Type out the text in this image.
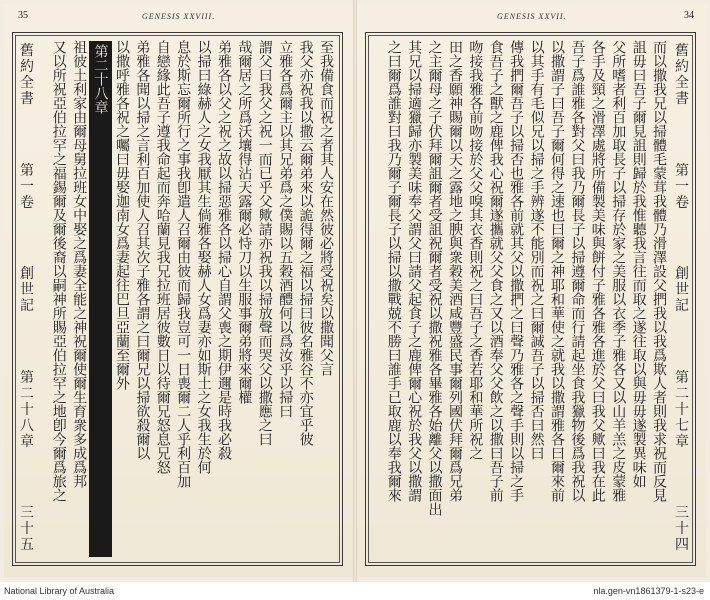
35	GENESIS XXVIII.
舊
約
全
書
第
一
卷
創
世
記
第
二
十
八
章
三
十
五
至我備食而祝之者其人安在然彼必將受祝矣以撒聞父言
我父亦祝我以撒云爾弟來以詭得爾之福以掃曰彼名雅谷不亦宜乎彼
立雅各爲爾主以其兄弟爲之僕賜以五穀酒醴何以爲汝乎以掃曰
謂父曰我父之祝一而已乎父歟請亦祝我以掃放聲而哭父以撒應之曰
哉爾居之所爲沃壤得沾天露爾必恃刀以生服事爾弟將來爾權
弟雅各以父之祝之故以掃惡雅各以掃心自謂父喪之期伊邇是時我必殺
以掃曰綠赫人之女我厭其生倘雅各娶赫人女爲妻亦如斯土之女我生於何
息於斯忘爾所行之事我卽遣人召爾由彼而歸我豈可一日喪爾二人乎利百加
自戀緣此吾子遵我命起而奔哈蘭見我兄拉班居彼數日以待爾兄怒息兄怒
弟雅各聞以掃之言利百加使人召其次子雅各謂之曰爾兄以掃欲殺爾以
以撒呼雅各祝之囑曰毋娶迦南女爲妻起往巴旦亞蘭至爾外
第二十八章
祖彼土利家由爾母舅拉班女中娶之爲妻全能之神祝爾使爾生育衆多成爲邦
又以所祝亞伯拉罕之福錫爾及爾後裔以嗣神所賜亞伯拉罕之地卽今爾爲旅之
GENESIS XXVII.	34
而以撒我兄以掃體毛蒙茸我體乃滑澤設父捫我以我爲欺人者則我求祝而反見
詛毋曰吾子爾見詛則歸於我惟聽我言往而取之遂往取以與毋毋遂製異味如
父所嗜者利百加取長子以掃存於家之美服以衣季子雅各又以山羊羔之皮蒙雅
各手及頸之滑澤處將所備製美味與餅付子雅各雅各進於父曰我父歟曰我在此
吾子爲誰雅各對父曰我乃爾長子以掃遵爾命而行請起坐食我獵物後爲我祝以
以撒謂子曰吾子爾何得之速也曰爾之神耶和華使之就我以撒謂雅各曰爾來前
以其手有毛似兄以掃之手辨遂不能別而祝之曰爾誠吾子以掃否曰然曰
傳我捫爾吾子以掃否也雅各前就其父以撒捫之曰聲乃雅各之聲手則以掃之手
食吾子之獸之鹿俾我心祝爾遂攜就父父食之又以酒奉父父飲之以撒曰吾子前
吻接我雅各前吻接於父父嗅其衣香則祝之曰吾子之香若耶和華所祝之
田之香願神賜爾以天之露地之腴與衆穀美酒咸豐盛民事爾列國伏拜爾爲兄弟
之主爾母之子伏拜爾詛爾者受詛祝爾者受祝以撒祝雅各畢雅各始離父以撒面出
其兄以掃適獵歸亦製美味奉父謂父曰請父起食子之鹿俾爾心祝於我父以撒謂
之曰爾爲誰對曰我乃爾子爾長子以掃以撒戰兢不勝曰誰手已取鹿以奉我爾來	舊
約
全
書
第
一
卷
創
世
記
第
二
十
七
章
三
十
四
National Library of Australia	nla.gen-vn1861379-1-s23-e
